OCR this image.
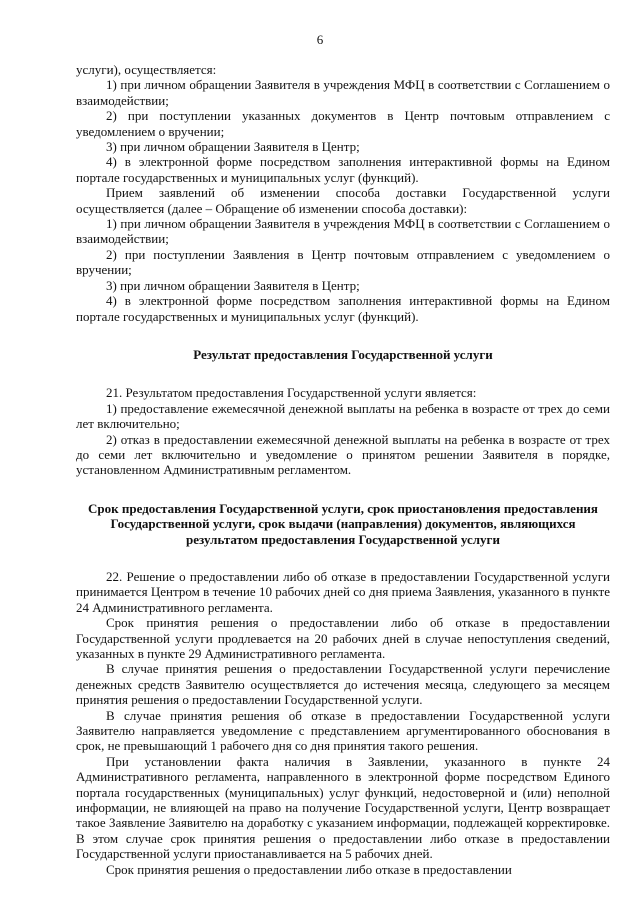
6

услуги), осуществляется:

1) при личном обращении Заявителя в учреждения МФЦ в соответствии с Соглашением о взаимодействии;

2) при поступлении указанных документов в Центр почтовым отправлением с уведомлением о вручении;

3) при личном обращении Заявителя в Центр;

4) в электронной форме посредством заполнения интерактивной формы на Едином портале государственных и муниципальных услуг (функций).

Прием заявлений об изменении способа доставки Государственной услуги осуществляется (далее – Обращение об изменении способа доставки):

1) при личном обращении Заявителя в учреждения МФЦ в соответствии с Соглашением о взаимодействии;

2) при поступлении Заявления в Центр почтовым отправлением с уведомлением о вручении;

3) при личном обращении Заявителя в Центр;

4) в электронной форме посредством заполнения интерактивной формы на Едином портале государственных и муниципальных услуг (функций).

Результат предоставления Государственной услуги

21. Результатом предоставления Государственной услуги является:

1) предоставление ежемесячной денежной выплаты на ребенка в возрасте от трех до семи лет включительно;

2) отказ в предоставлении ежемесячной денежной выплаты на ребенка в возрасте от трех до семи лет включительно и уведомление о принятом решении Заявителя в порядке, установленном Административным регламентом.

Срок предоставления Государственной услуги, срок приостановления предоставления Государственной услуги, срок выдачи (направления) документов, являющихся результатом предоставления Государственной услуги

22. Решение о предоставлении либо об отказе в предоставлении Государственной услуги принимается Центром в течение 10 рабочих дней со дня приема Заявления, указанного в пункте 24 Административного регламента.

Срок принятия решения о предоставлении либо об отказе в предоставлении Государственной услуги продлевается на 20 рабочих дней в случае непоступления сведений, указанных в пункте 29 Административного регламента.

В случае принятия решения о предоставлении Государственной услуги перечисление денежных средств Заявителю осуществляется до истечения месяца, следующего за месяцем принятия решения о предоставлении Государственной услуги.

В случае принятия решения об отказе в предоставлении Государственной услуги Заявителю направляется уведомление с представлением аргументированного обоснования в срок, не превышающий 1 рабочего дня со дня принятия такого решения.

При установлении факта наличия в Заявлении, указанного в пункте 24 Административного регламента, направленного в электронной форме посредством Единого портала государственных (муниципальных) услуг функций, недостоверной и (или) неполной информации, не влияющей на право на получение Государственной услуги, Центр возвращает такое Заявление Заявителю на доработку с указанием информации, подлежащей корректировке. В этом случае срок принятия решения о предоставлении либо отказе в предоставлении Государственной услуги приостанавливается на 5 рабочих дней.

Срок принятия решения о предоставлении либо отказе в предоставлении
